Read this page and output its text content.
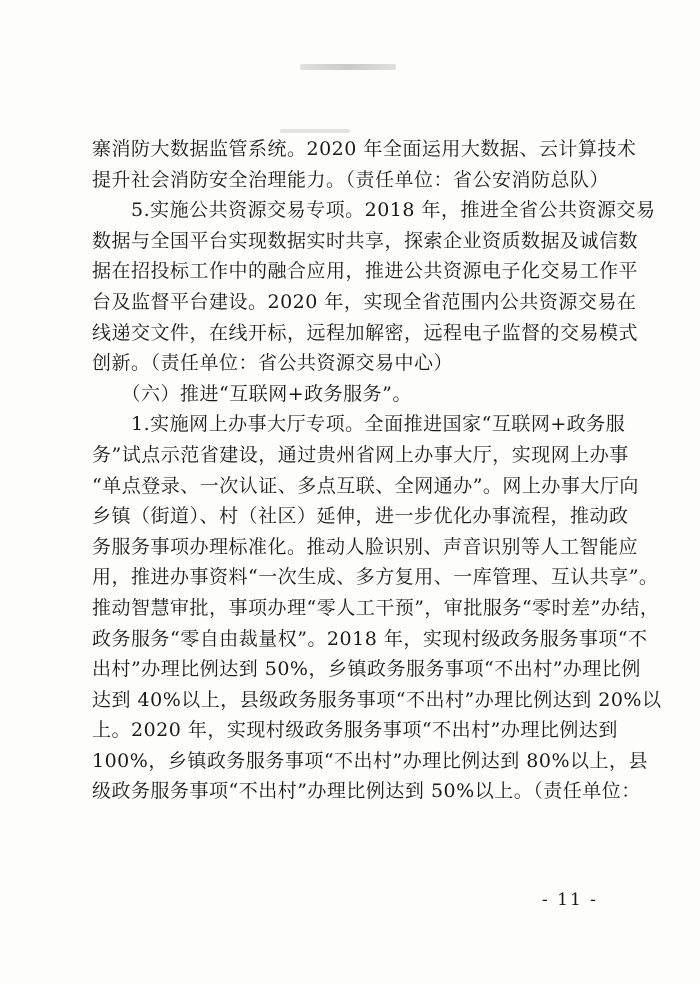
寨消防大数据监管系统。2020 年全面运用大数据、云计算技术
提升社会消防安全治理能力。（责任单位：省公安消防总队）
　　5.实施公共资源交易专项。2018 年，推进全省公共资源交易
数据与全国平台实现数据实时共享，探索企业资质数据及诚信数
据在招投标工作中的融合应用，推进公共资源电子化交易工作平
台及监督平台建设。2020 年，实现全省范围内公共资源交易在
线递交文件，在线开标，远程加解密，远程电子监督的交易模式
创新。（责任单位：省公共资源交易中心）
　　（六）推进“互联网+政务服务”。
　　1.实施网上办事大厅专项。全面推进国家“互联网+政务服
务”试点示范省建设，通过贵州省网上办事大厅，实现网上办事
“单点登录、一次认证、多点互联、全网通办”。网上办事大厅向
乡镇（街道）、村（社区）延伸，进一步优化办事流程，推动政
务服务事项办理标准化。推动人脸识别、声音识别等人工智能应
用，推进办事资料“一次生成、多方复用、一库管理、互认共享”。
推动智慧审批，事项办理“零人工干预”，审批服务“零时差”办结，
政务服务“零自由裁量权”。2018 年，实现村级政务服务事项“不
出村”办理比例达到 50%，乡镇政务服务事项“不出村”办理比例
达到 40%以上，县级政务服务事项“不出村”办理比例达到 20%以
上。2020 年，实现村级政务服务事项“不出村”办理比例达到
100%，乡镇政务服务事项“不出村”办理比例达到 80%以上，县
级政务服务事项“不出村”办理比例达到 50%以上。（责任单位：
- 11 -
